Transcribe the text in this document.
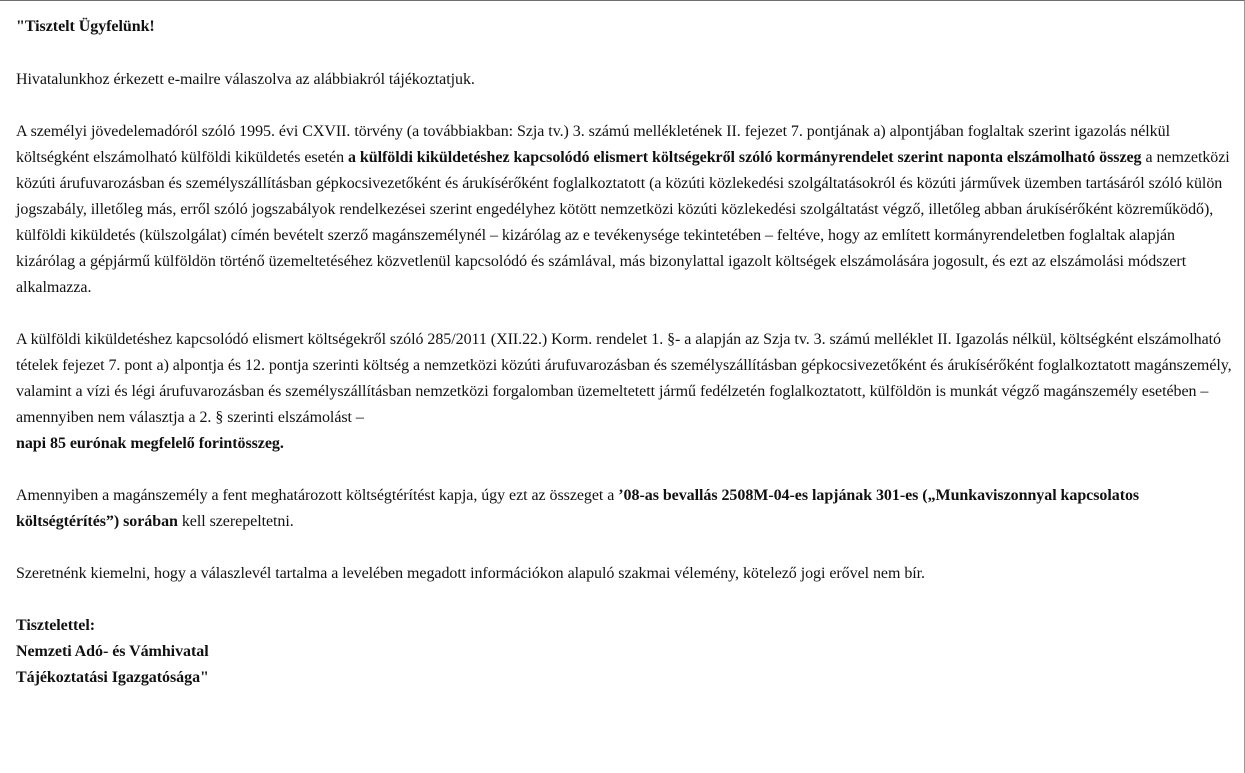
"Tisztelt Ügyfelünk!

Hivatalunkhoz érkezett e-mailre válaszolva az alábbiakról tájékoztatjuk.

A személyi jövedelemadóról szóló 1995. évi CXVII. törvény (a továbbiakban: Szja tv.) 3. számú mellékletének II. fejezet 7. pontjának a) alpontjában foglaltak szerint igazolás nélkül költségként elszámolható külföldi kiküldetés esetén a külföldi kiküldetéshez kapcsolódó elismert költségekről szóló kormányrendelet szerint naponta elszámolható összeg a nemzetközi közúti árufuvarozásban és személyszállításban gépkocsivezetőként és árukísérőként foglalkoztatott (a közúti közlekedési szolgáltatásokról és közúti járművek üzemben tartásáról szóló külön jogszabály, illetőleg más, erről szóló jogszabályok rendelkezései szerint engedélyhez kötött nemzetközi közúti közlekedési szolgáltatást végző, illetőleg abban árukísérőként közreműködő), külföldi kiküldetés (külszolgálat) címén bevételt szerző magánszemélynél – kizárólag az e tevékenysége tekintetében – feltéve, hogy az említett kormányrendeletben foglaltak alapján kizárólag a gépjármű külföldön történő üzemeltetéséhez közvetlenül kapcsolódó és számlával, más bizonylattal igazolt költségek elszámolására jogosult, és ezt az elszámolási módszert alkalmazza.

A külföldi kiküldetéshez kapcsolódó elismert költségekről szóló 285/2011 (XII.22.) Korm. rendelet 1. §- a alapján az Szja tv. 3. számú melléklet II. Igazolás nélkül, költségként elszámolható tételek fejezet 7. pont a) alpontja és 12. pontja szerinti költség a nemzetközi közúti árufuvarozásban és személyszállításban gépkocsivezetőként és árukísérőként foglalkoztatott magánszemély, valamint a vízi és légi árufuvarozásban és személyszállításban nemzetközi forgalomban üzemeltetett jármű fedélzetén foglalkoztatott, külföldön is munkát végző magánszemély esetében – amennyiben nem választja a 2. § szerinti elszámolást –
napi 85 eurónak megfelelő forintösszeg.

Amennyiben a magánszemély a fent meghatározott költségtérítést kapja, úgy ezt az összeget a ’08-as bevallás 2508M-04-es lapjának 301-es („Munkaviszonnyal kapcsolatos költségtérítés”) sorában kell szerepeltetni.

Szeretnénk kiemelni, hogy a válaszlevél tartalma a levelében megadott információkon alapuló szakmai vélemény, kötelező jogi erővel nem bír.

Tisztelettel:
Nemzeti Adó- és Vámhivatal
Tájékoztatási Igazgatósága"
